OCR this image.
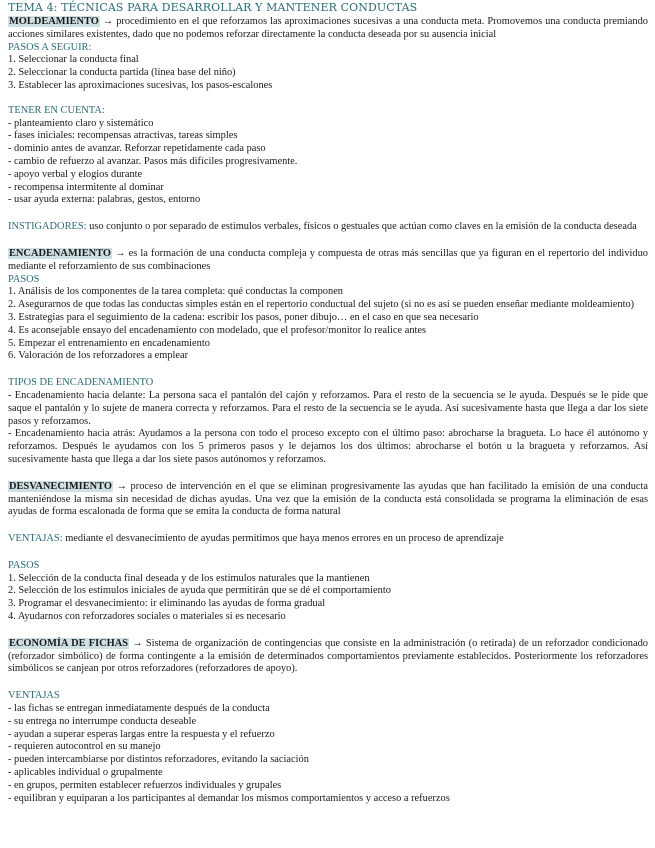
TEMA 4: TÉCNICAS PARA DESARROLLAR Y MANTENER CONDUCTAS

MOLDEAMIENTO → procedimiento en el que reforzamos las aproximaciones sucesivas a una conducta meta. Promovemos una conducta premiando acciones similares existentes, dado que no podemos reforzar directamente la conducta deseada por su ausencia inicial

PASOS A SEGUIR:
1. Seleccionar la conducta final
2. Seleccionar la conducta partida (línea base del niño)
3. Establecer las aproximaciones sucesivas, los pasos-escalones
TENER EN CUENTA:
- planteamiento claro y sistemático
- fases iniciales: recompensas atractivas, tareas simples
- dominio antes de avanzar. Reforzar repetidamente cada paso
- cambio de refuerzo al avanzar. Pasos más difíciles progresivamente.
- apoyo verbal y elogios durante
- recompensa intermitente al dominar
- usar ayuda externa: palabras, gestos, entorno

INSTIGADORES: uso conjunto o por separado de estímulos verbales, físicos o gestuales que actúan como claves en la emisión de la conducta deseada

ENCADENAMIENTO → es la formación de una conducta compleja y compuesta de otras más sencillas que ya figuran en el repertorio del individuo mediante el reforzamiento de sus combinaciones

PASOS
1. Análisis de los componentes de la tarea completa: qué conductas la componen
2. Asegurarnos de que todas las conductas simples están en el repertorio conductual del sujeto (si no es así se pueden enseñar mediante moldeamiento)
3. Estrategias para el seguimiento de la cadena: escribir los pasos, poner dibujo… en el caso en que sea necesario
4. Es aconsejable ensayo del encadenamiento con modelado, que el profesor/monitor lo realice antes
5. Empezar el entrenamiento en encadenamiento
6. Valoración de los reforzadores a emplear
TIPOS DE ENCADENAMIENTO

- Encadenamiento hacia delante: La persona saca el pantalón del cajón y reforzamos. Para el resto de la secuencia se le ayuda. Después se le pide que saque el pantalón y lo sujete de manera correcta y reforzamos. Para el resto de la secuencia se le ayuda. Así sucesivamente hasta que llega a dar los siete pasos y reforzamos.

- Encadenamiento hacia atrás: Ayudamos a la persona con todo el proceso excepto con el último paso: abrocharse la bragueta. Lo hace él autónomo y reforzamos. Después le ayudamos con los 5 primeros pasos y le dejamos los dos últimos: abrocharse el botón u la bragueta y reforzamos. Así sucesivamente hasta que llega a dar los siete pasos autónomos y reforzamos.

DESVANECIMIENTO → proceso de intervención en el que se eliminan progresivamente las ayudas que han facilitado la emisión de una conducta manteniéndose la misma sin necesidad de dichas ayudas. Una vez que la emisión de la conducta está consolidada se programa la eliminación de esas ayudas de forma escalonada de forma que se emita la conducta de forma natural

VENTAJAS: mediante el desvanecimiento de ayudas permitimos que haya menos errores en un proceso de aprendizaje

PASOS
1. Selección de la conducta final deseada y de los estímulos naturales que la mantienen
2. Selección de los estímulos iniciales de ayuda que permitirán que se dé el comportamiento
3. Programar el desvanecimiento: ir eliminando las ayudas de forma gradual
4. Ayudarnos con reforzadores sociales o materiales si es necesario

ECONOMÍA DE FICHAS → Sistema de organización de contingencias que consiste en la administración (o retirada) de un reforzador condicionado (reforzador simbólico) de forma contingente a la emisión de determinados comportamientos previamente establecidos. Posteriormente los reforzadores simbólicos se canjean por otros reforzadores (reforzadores de apoyo).

VENTAJAS
- las fichas se entregan inmediatamente después de la conducta
- su entrega no interrumpe conducta deseable
- ayudan a superar esperas largas entre la respuesta y el refuerzo
- requieren autocontrol en su manejo
- pueden intercambiarse por distintos reforzadores, evitando la saciación
- aplicables individual o grupalmente
- en grupos, permiten establecer refuerzos individuales y grupales
- equilibran y equiparan a los participantes al demandar los mismos comportamientos y acceso a refuerzos
